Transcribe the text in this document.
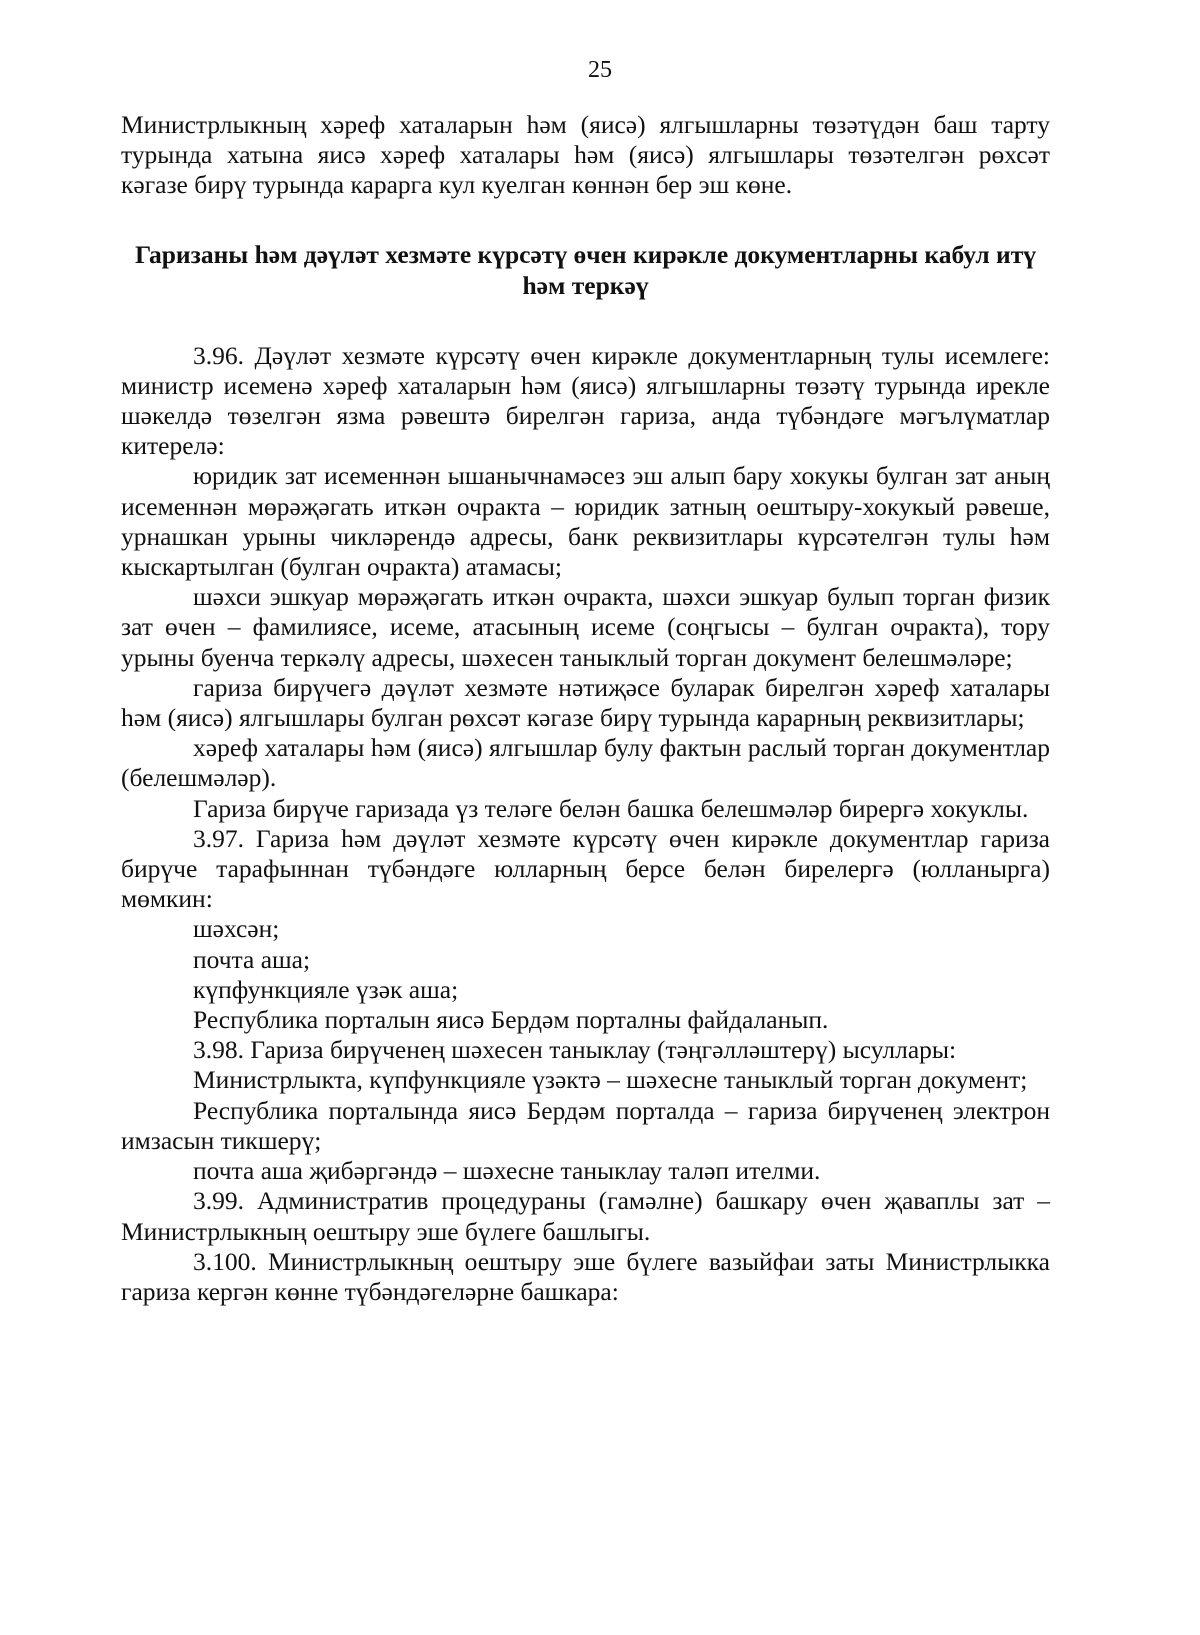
25

Министрлыкның хәреф хаталарын һәм (яисә) ялгышларны төзәтүдән баш тарту турында хатына яисә хәреф хаталары һәм (яисә) ялгышлары төзәтелгән рөхсәт кәгазе бирү турында карарга кул куелган көннән бер эш көне.

Гаризаны һәм дәүләт хезмәте күрсәтү өчен кирәкле документларны кабул итү һәм теркәү

3.96. Дәүләт хезмәте күрсәтү өчен кирәкле документларның тулы исемлеге: министр исеменә хәреф хаталарын һәм (яисә) ялгышларны төзәтү турында ирекле шәкелдә төзелгән язма рәвештә бирелгән гариза, анда түбәндәге мәгълүматлар китерелә:

юридик зат исеменнән ышанычнамәсез эш алып бару хокукы булган зат аның исеменнән мөрәҗәгать иткән очракта – юридик затның оештыру-хокукый рәвеше, урнашкан урыны чикләрендә адресы, банк реквизитлары күрсәтелгән тулы һәм кыскартылган (булган очракта) атамасы;

шәхси эшкуар мөрәҗәгать иткән очракта, шәхси эшкуар булып торган физик зат өчен – фамилиясе, исеме, атасының исеме (соңгысы – булган очракта), тору урыны буенча теркәлү адресы, шәхесен таныклый торган документ белешмәләре;

гариза бирүчегә дәүләт хезмәте нәтиҗәсе буларак бирелгән хәреф хаталары һәм (яисә) ялгышлары булган рөхсәт кәгазе бирү турында карарның реквизитлары;

хәреф хаталары һәм (яисә) ялгышлар булу фактын раслый торган документлар (белешмәләр).

Гариза бирүче гаризада үз теләге белән башка белешмәләр бирергә хокуклы.

3.97. Гариза һәм дәүләт хезмәте күрсәтү өчен кирәкле документлар гариза бирүче тарафыннан түбәндәге юлларның берсе белән бирелергә (юлланырга) мөмкин:

шәхсән;

почта аша;

күпфункцияле үзәк аша;

Республика порталын яисә Бердәм порталны файдаланып.

3.98. Гариза бирүченең шәхесен таныклау (тәңгәлләштерү) ысуллары:

Министрлыкта, күпфункцияле үзәктә – шәхесне таныклый торган документ;

Республика порталында яисә Бердәм порталда – гариза бирүченең электрон имзасын тикшерү;

почта аша җибәргәндә – шәхесне таныклау таләп ителми.

3.99. Административ процедураны (гамәлне) башкару өчен җаваплы зат – Министрлыкның оештыру эше бүлеге башлыгы.

3.100. Министрлыкның оештыру эше бүлеге вазыйфаи заты Министрлыкка гариза кергән көнне түбәндәгеләрне башкара:
